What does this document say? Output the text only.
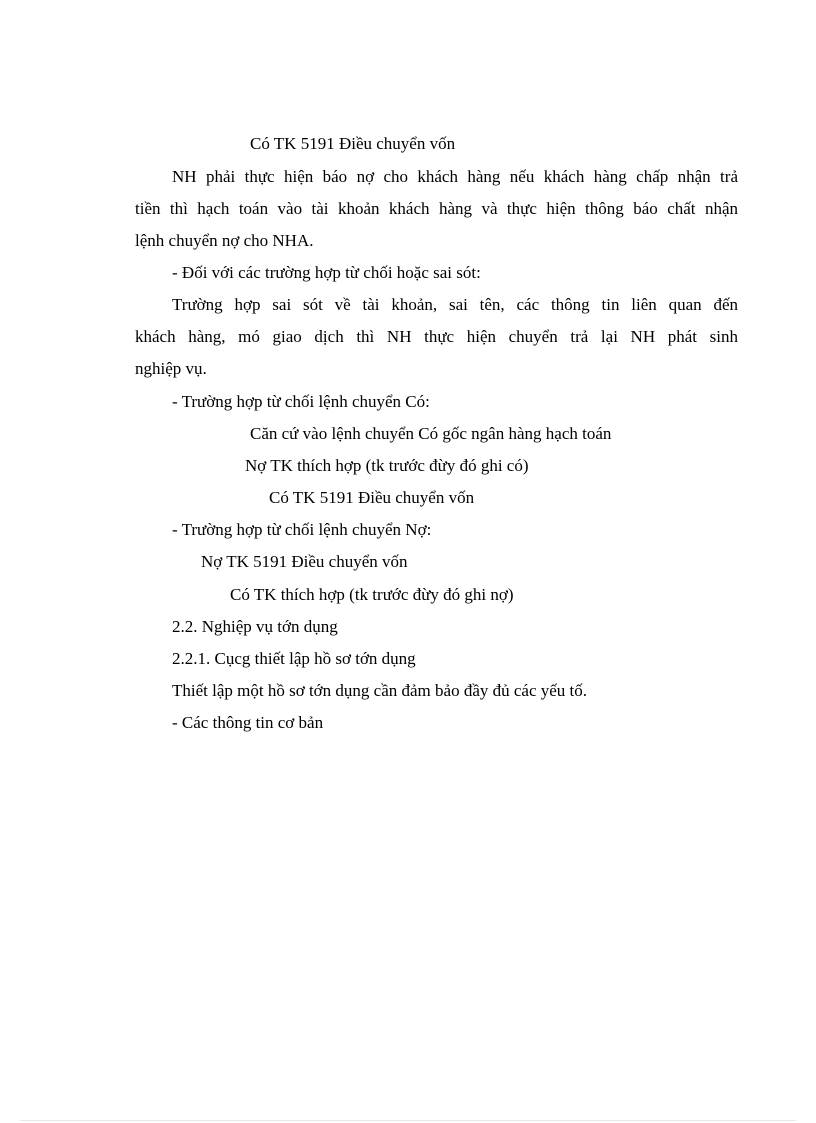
Có TK 5191 Điều chuyển vốn
NH phải thực hiện báo nợ cho khách hàng nếu khách hàng chấp nhận trả
tiền thì hạch toán vào tài khoản khách hàng và thực hiện thông báo chất nhận
lệnh chuyển nợ cho NHA.
- Đối với các trường hợp từ chối hoặc sai sót:
Trường hợp sai sót về tài khoản, sai tên, các thông tin liên quan đến
khách hàng, mó giao dịch thì NH thực hiện chuyển trả lại NH phát sinh
nghiệp vụ.
- Trường hợp từ chối lệnh chuyển Có:
Căn cứ vào lệnh chuyển Có gốc ngân hàng hạch toán
Nợ TK thích hợp (tk trước đừy đó ghi có)
Có TK 5191 Điều chuyển vốn
- Trường hợp từ chối lệnh chuyển Nợ:
Nợ TK 5191 Điều chuyển vốn
Có TK thích hợp (tk trước đừy đó ghi nợ)
2.2. Nghiệp vụ tớn dụng
2.2.1. Cụcg thiết lập hồ sơ tớn dụng
Thiết lập một hồ sơ tớn dụng cần đảm bảo đầy đủ các yếu tố.
- Các thông tin cơ bản
